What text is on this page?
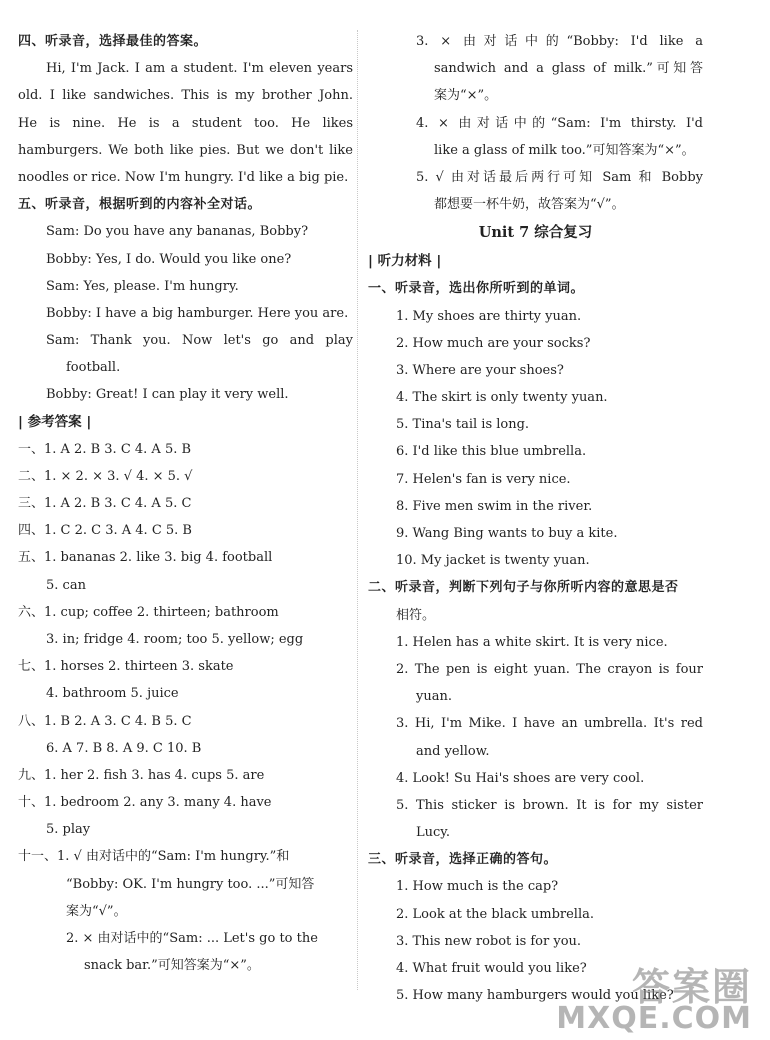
四、听录音，选择最佳的答案。
Hi, I'm Jack. I am a student. I'm eleven years
old. I like sandwiches. This is my brother John.
He is nine. He is a student too. He likes
hamburgers. We both like pies. But we don't like
noodles or rice. Now I'm hungry. I'd like a big pie.
五、听录音，根据听到的内容补全对话。
Sam: Do you have any bananas, Bobby?
Bobby: Yes, I do. Would you like one?
Sam: Yes, please. I'm hungry.
Bobby: I have a big hamburger. Here you are.
Sam: Thank you. Now let's go and play
football.
Bobby: Great! I can play it very well.
| 参考答案 |
一、1. A 2. B 3. C 4. A 5. B
二、1. × 2. × 3. √ 4. × 5. √
三、1. A 2. B 3. C 4. A 5. C
四、1. C 2. C 3. A 4. C 5. B
五、1. bananas 2. like 3. big 4. football
5. can
六、1. cup; coffee 2. thirteen; bathroom
3. in; fridge 4. room; too 5. yellow; egg
七、1. horses 2. thirteen 3. skate
4. bathroom 5. juice
八、1. B 2. A 3. C 4. B 5. C
6. A 7. B 8. A 9. C 10. B
九、1. her 2. fish 3. has 4. cups 5. are
十、1. bedroom 2. any 3. many 4. have
5. play
十一、1. √ 由对话中的“Sam: I'm hungry.”和
“Bobby: OK. I'm hungry too. ...”可知答
案为“√”。
2. × 由对话中的“Sam: ... Let's go to the
snack bar.”可知答案为“×”。
3. × 由对话中的“Bobby: I'd like a
sandwich and a glass of milk.”可知答
案为“×”。
4. × 由对话中的“Sam: I'm thirsty. I'd
like a glass of milk too.”可知答案为“×”。
5. √ 由对话最后两行可知 Sam 和 Bobby
都想要一杯牛奶，故答案为“√”。
Unit 7 综合复习
| 听力材料 |
一、听录音，选出你所听到的单词。
1. My shoes are thirty yuan.
2. How much are your socks?
3. Where are your shoes?
4. The skirt is only twenty yuan.
5. Tina's tail is long.
6. I'd like this blue umbrella.
7. Helen's fan is very nice.
8. Five men swim in the river.
9. Wang Bing wants to buy a kite.
10. My jacket is twenty yuan.
二、听录音，判断下列句子与你所听内容的意思是否
相符。
1. Helen has a white skirt. It is very nice.
2. The pen is eight yuan. The crayon is four
yuan.
3. Hi, I'm Mike. I have an umbrella. It's red
and yellow.
4. Look! Su Hai's shoes are very cool.
5. This sticker is brown. It is for my sister
Lucy.
三、听录音，选择正确的答句。
1. How much is the cap?
2. Look at the black umbrella.
3. This new robot is for you.
4. What fruit would you like?
5. How many hamburgers would you like?
答案圈
MXQE.COM
